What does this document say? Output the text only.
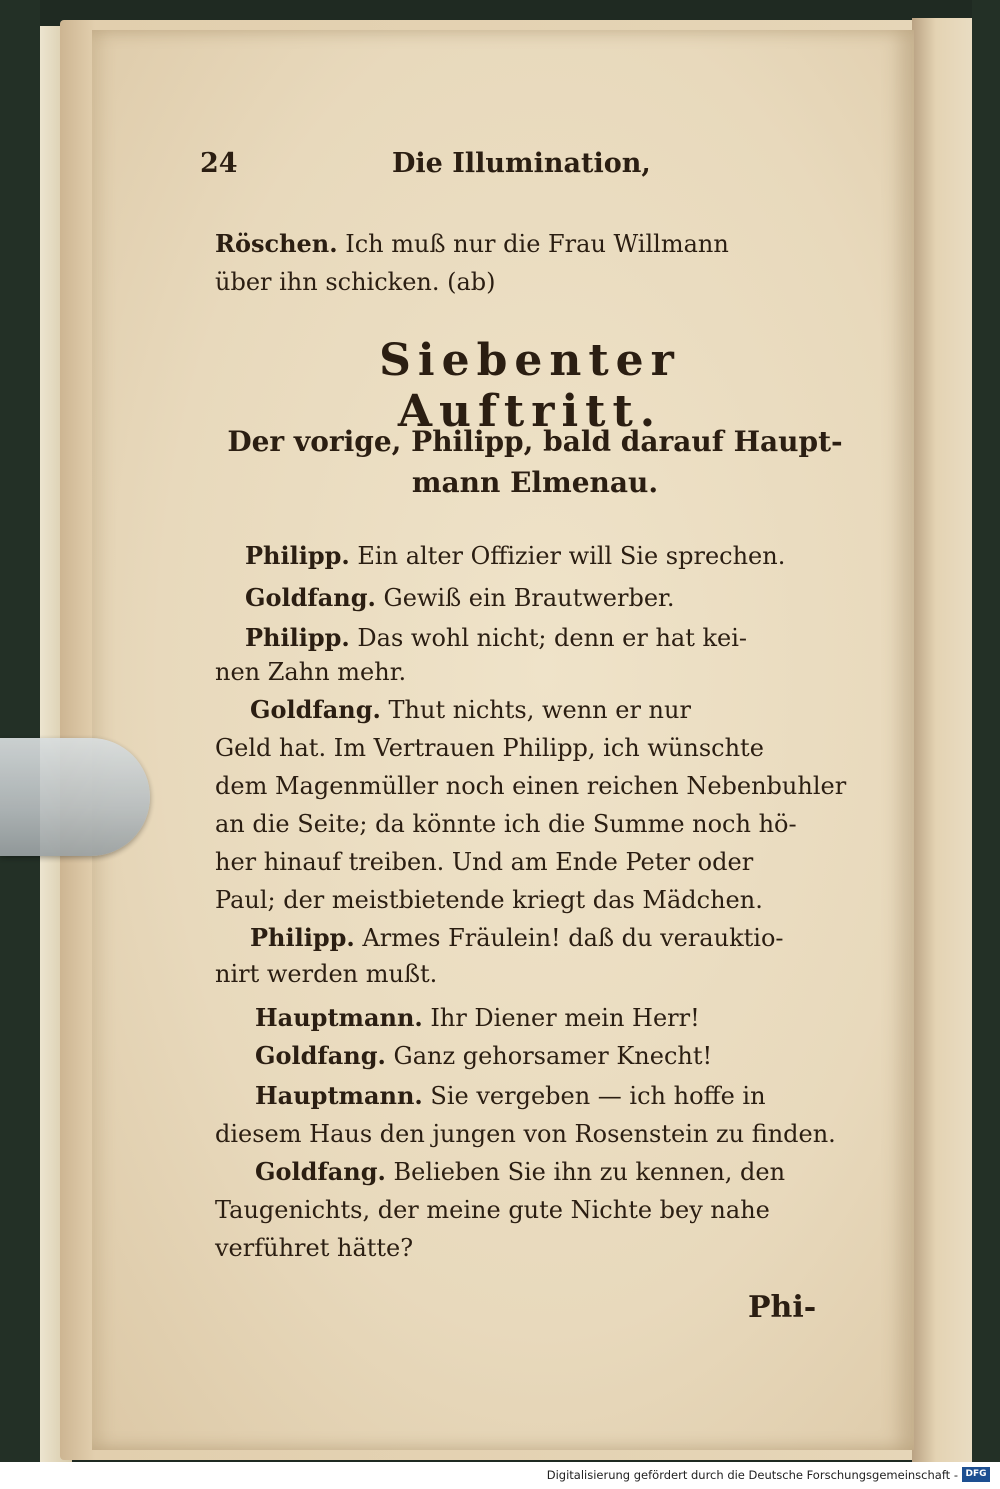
24	Die Illumination,
Röschen. Ich muß nur die Frau Willmann
über ihn schicken. (ab)
Siebenter Auftritt.
Der vorige, Philipp, bald darauf Haupt-
mann Elmenau.
Philipp. Ein alter Offizier will Sie sprechen.
Goldfang. Gewiß ein Brautwerber.
Philipp. Das wohl nicht; denn er hat kei-
nen Zahn mehr.
Goldfang. Thut nichts, wenn er nur
Geld hat. Im Vertrauen Philipp, ich wünschte
dem Magenmüller noch einen reichen Nebenbuhler
an die Seite; da könnte ich die Summe noch hö-
her hinauf treiben. Und am Ende Peter oder
Paul; der meistbietende kriegt das Mädchen.
Philipp. Armes Fräulein! daß du verauktio-
nirt werden mußt.
Hauptmann. Ihr Diener mein Herr!
Goldfang. Ganz gehorsamer Knecht!
Hauptmann. Sie vergeben — ich hoffe in
diesem Haus den jungen von Rosenstein zu finden.
Goldfang. Belieben Sie ihn zu kennen, den
Taugenichts, der meine gute Nichte bey nahe
verführet hätte?
Phi-
Digitalisierung gefördert durch die Deutsche Forschungsgemeinschaft - DFG
